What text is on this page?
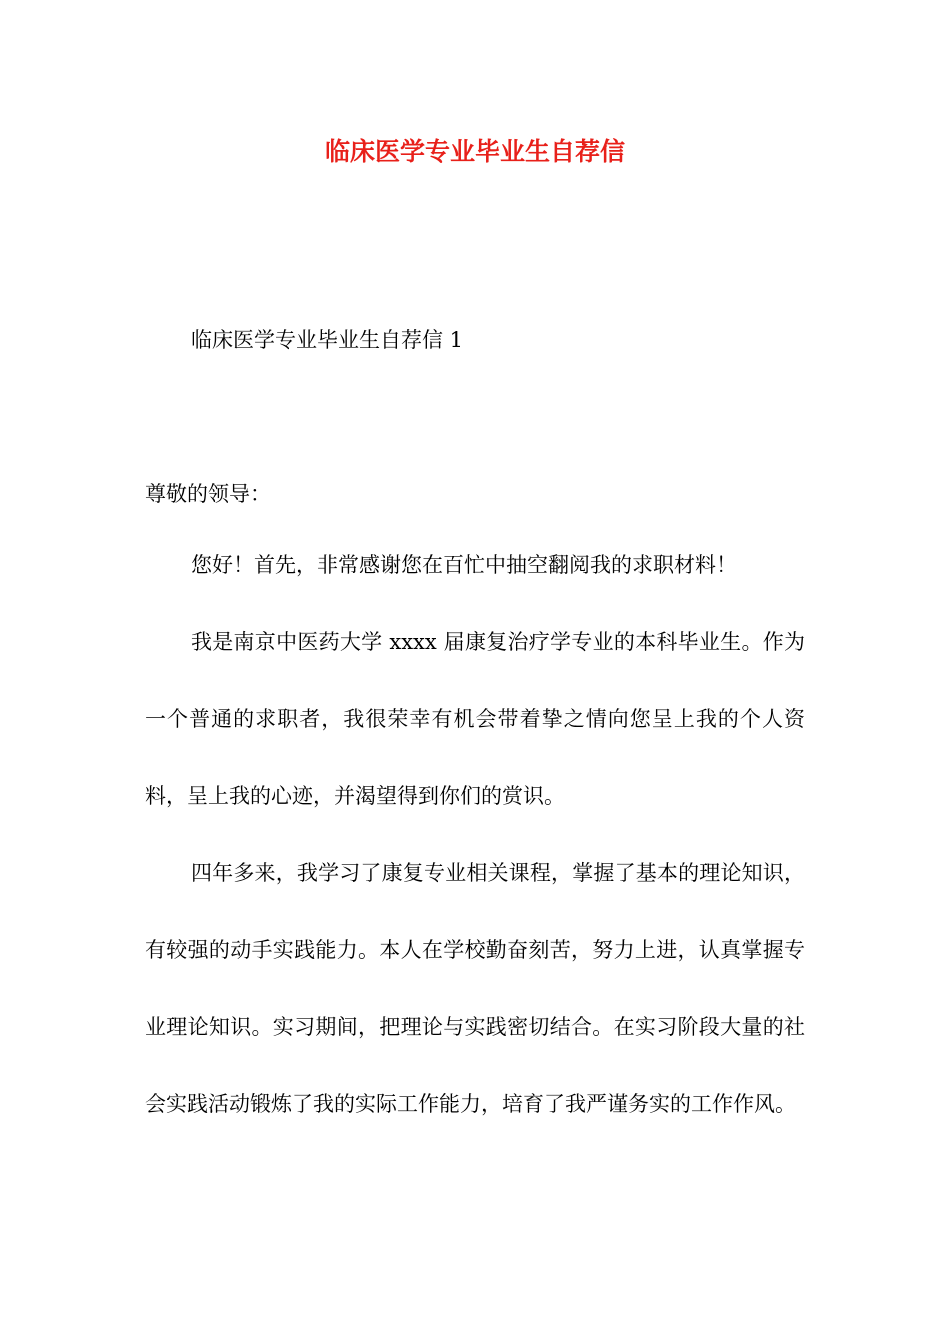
临床医学专业毕业生自荐信
临床医学专业毕业生自荐信 1
尊敬的领导：

您好！首先，非常感谢您在百忙中抽空翻阅我的求职材料！

我是南京中医药大学 xxxx 届康复治疗学专业的本科毕业生。作为一个普通的求职者，我很荣幸有机会带着挚之情向您呈上我的个人资料，呈上我的心迹，并渴望得到你们的赏识。

四年多来，我学习了康复专业相关课程，掌握了基本的理论知识，有较强的动手实践能力。本人在学校勤奋刻苦，努力上进，认真掌握专业理论知识。实习期间，把理论与实践密切结合。在实习阶段大量的社会实践活动锻炼了我的实际工作能力，培育了我严谨务实的工作作风。
